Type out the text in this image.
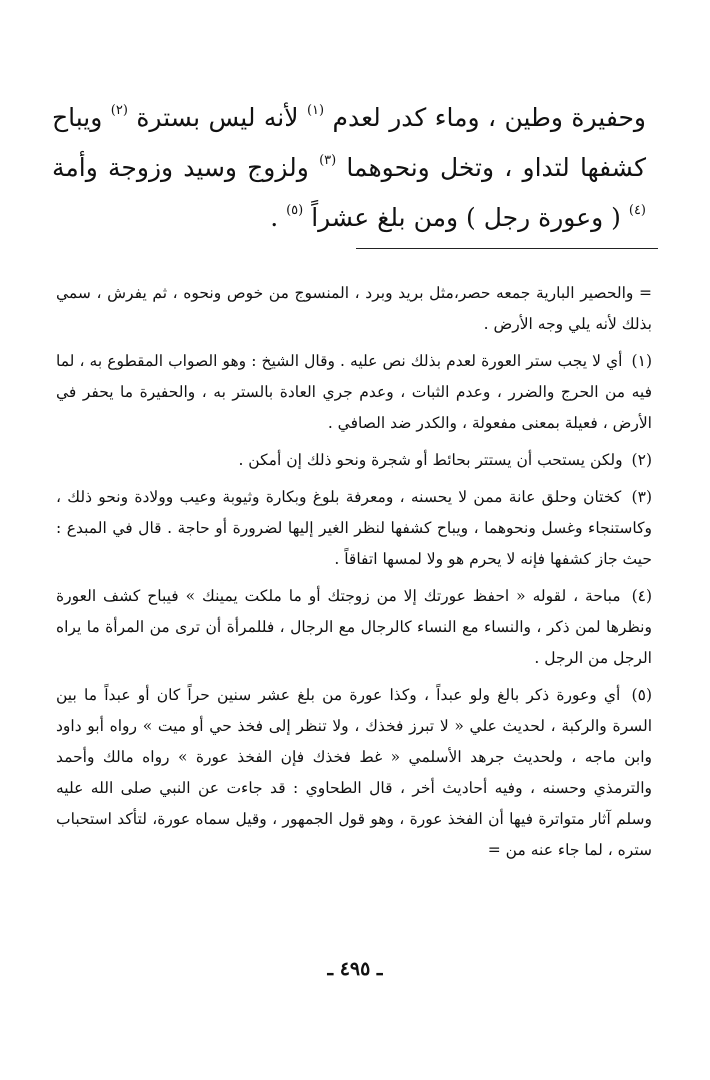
وحفيرة وطين ، وماء كدر لعدم $^{(١)}$ لأنه ليس بسترة $^{(٢)}$ ويباح كشفها لتداو ، وتخل ونحوهما $^{(٣)}$ ولزوج وسيد وزوجة وأمة $^{(٤)}$ ( وعورة رجل ) ومن بلغ عشراً $^{(٥)}$ .

= والحصير البارية جمعه حصر،مثل بريد وبرد ، المنسوج من خوص ونحوه ، ثم يفرش ، سمي بذلك لأنه يلي وجه الأرض .

(١) أي لا يجب ستر العورة لعدم بذلك نص عليه . وقال الشيخ : وهو الصواب المقطوع به ، لما فيه من الحرج والضرر ، وعدم الثبات ، وعدم جري العادة بالستر به ، والحفيرة ما يحفر في الأرض ، فعيلة بمعنى مفعولة ، والكدر ضد الصافي .

(٢) ولكن يستحب أن يستتر بحائط أو شجرة ونحو ذلك إن أمكن .

(٣) كختان وحلق عانة ممن لا يحسنه ، ومعرفة بلوغ وبكارة وثيوبة وعيب وولادة ونحو ذلك ، وكاستنجاء وغسل ونحوهما ، ويباح كشفها لنظر الغير إليها لضرورة أو حاجة . قال في المبدع : حيث جاز كشفها فإنه لا يحرم هو ولا لمسها اتفاقاً .

(٤) مباحة ، لقوله « احفظ عورتك إلا من زوجتك أو ما ملكت يمينك » فيباح كشف العورة ونظرها لمن ذكر ، والنساء مع النساء كالرجال مع الرجال ، فللمرأة أن ترى من المرأة ما يراه الرجل من الرجل .

(٥) أي وعورة ذكر بالغ ولو عبداً ، وكذا عورة من بلغ عشر سنين حراً كان أو عبداً ما بين السرة والركبة ، لحديث علي « لا تبرز فخذك ، ولا تنظر إلى فخذ حي أو ميت » رواه أبو داود وابن ماجه ، ولحديث جرهد الأسلمي « غط فخذك فإن الفخذ عورة » رواه مالك وأحمد والترمذي وحسنه ، وفيه أحاديث أخر ، قال الطحاوي : قد جاءت عن النبي صلى الله عليه وسلم آثار متواترة فيها أن الفخذ عورة ، وهو قول الجمهور ، وقيل سماه عورة، لتأكد استحباب ستره ، لما جاء عنه من =

ـ ٤٩٥ ـ
